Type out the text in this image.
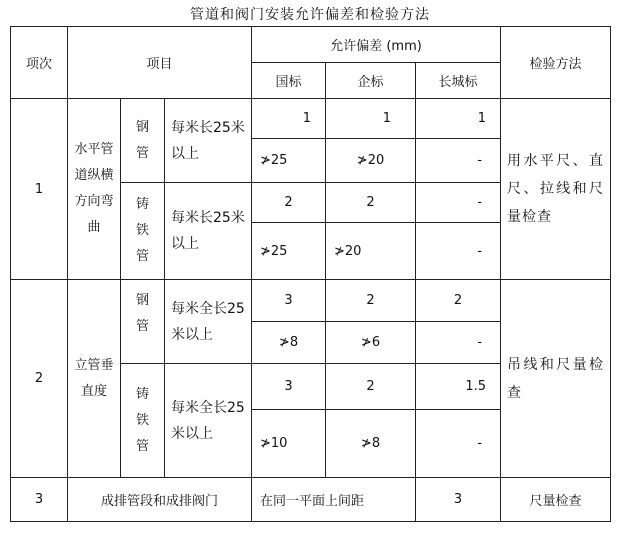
管道和阀门安装允许偏差和检验方法
项次	项目			允许偏差 (mm)			检验方法
				国标	企标	长城标	
1	水平管道纵横方向弯曲	钢管	每米长25米以上	1	1	1	用水平尺、直尺、拉线和尺量检查
				≯25	≯20	-	
		铸铁管	每米长25米以上	2	2	-	
				≯25	≯20	-	
2	立管垂直度	钢管	每米全长25米以上	3	2	2	吊线和尺量检查
				≯8	≯6	-	
		铸铁管	每米全长25米以上	3	2	1.5	
				≯10	≯8	-	
3	成排管段和成排阀门			在同一平面上间距		3	尺量检查
